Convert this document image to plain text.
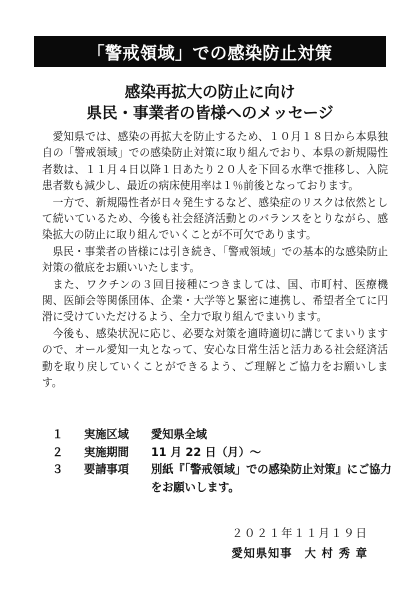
「警戒領域」での感染防止対策
感染再拡大の防止に向け
県民・事業者の皆様へのメッセージ

愛知県では、感染の再拡大を防止するため、１０月１８日から本県独自の「警戒領域」での感染防止対策に取り組んでおり、本県の新規陽性者数は、１１月４日以降１日あたり２０人を下回る水準で推移し、入院患者数も減少し、最近の病床使用率は１％前後となっております。

一方で、新規陽性者が日々発生するなど、感染症のリスクは依然として続いているため、今後も社会経済活動とのバランスをとりながら、感染拡大の防止に取り組んでいくことが不可欠であります。

県民・事業者の皆様には引き続き、「警戒領域」での基本的な感染防止対策の徹底をお願いいたします。

また、ワクチンの３回目接種につきましては、国、市町村、医療機関、医師会等関係団体、企業・大学等と緊密に連携し、希望者全てに円滑に受けていただけるよう、全力で取り組んでまいります。

今後も、感染状況に応じ、必要な対策を適時適切に講じてまいりますので、オール愛知一丸となって、安心な日常生活と活力ある社会経済活動を取り戻していくことができるよう、ご理解とご協力をお願いします。

１	実施区域	愛知県全域
２	実施期間	11 月 22 日（月）～
３	要請事項	別紙『「警戒領域」での感染防止対策』にご協力をお願いします。
２０２１年１１月１９日
愛知県知事　大 村 秀 章
